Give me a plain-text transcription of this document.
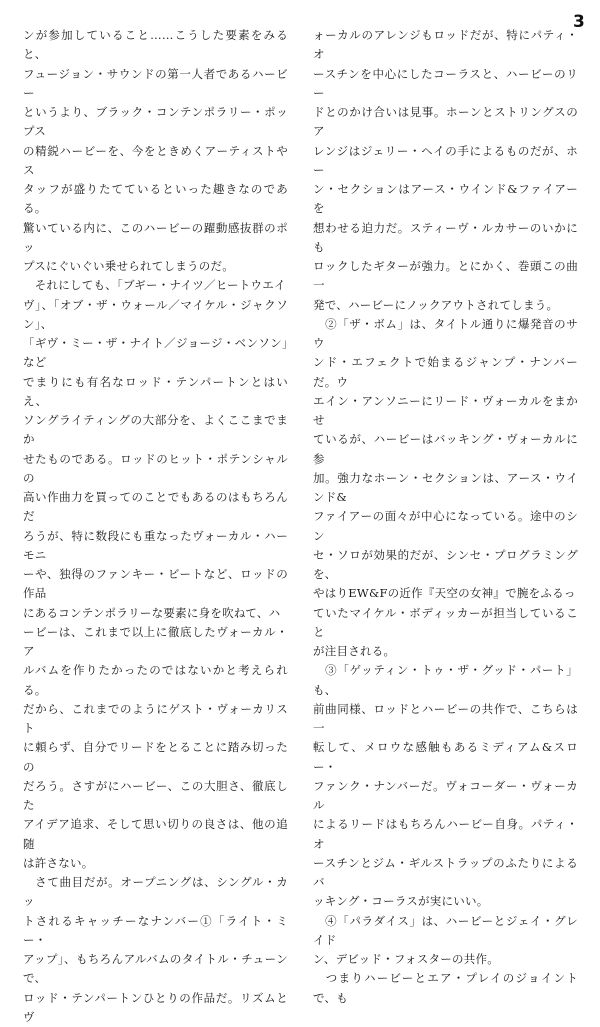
3

ンが参加していること……こうした要素をみると、

フュージョン・サウンドの第一人者であるハービー

というより、ブラック・コンテンポラリー・ポップス

の精鋭ハービーを、今をときめくアーティストやス

タッフが盛りたてているといった趣きなのである。

驚いている内に、このハービーの躍動感抜群のポッ

プスにぐいぐい乗せられてしまうのだ。

　それにしても、「ブギー・ナイツ／ヒートウエイ

ヴ」、「オブ・ザ・ウォール／マイケル・ジャクソン」、

「ギヴ・ミー・ザ・ナイト／ジョージ・ベンソン」など

でまりにも有名なロッド・テンパートンとはいえ、

ソングライティングの大部分を、よくここまでまか

せたものである。ロッドのヒット・ポテンシャルの

高い作曲力を買ってのことでもあるのはもちろんだ

ろうが、特に数段にも重なったヴォーカル・ハーモニ

ーや、独得のファンキー・ビートなど、ロッドの作品

にあるコンテンポラリーな要素に身を吹ねて、ハ

ービーは、これまで以上に徹底したヴォーカル・ア

ルバムを作りたかったのではないかと考えられる。

だから、これまでのようにゲスト・ヴォーカリスト

に頼らず、自分でリードをとることに踏み切ったの

だろう。さすがにハービー、この大胆さ、徹底した

アイデア追求、そして思い切りの良さは、他の追随

は許さない。

　さて曲目だが。オープニングは、シングル・カッ

トされるキャッチーなナンバー①「ライト・ミー・

アップ」、もちろんアルバムのタイトル・チューンで、

ロッド・テンパートンひとりの作品だ。リズムとヴ

ォーカルのアレンジもロッドだが、特にパティ・オ

ースチンを中心にしたコーラスと、ハービーのリー

ドとのかけ合いは見事。ホーンとストリングスのア

レンジはジェリー・ヘイの手によるものだが、ホー

ン・セクションはアース・ウインド&ファイアーを

想わせる迫力だ。スティーヴ・ルカサーのいかにも

ロックしたギターが強力。とにかく、巻頭この曲一

発で、ハービーにノックアウトされてしまう。

　②「ザ・ボム」は、タイトル通りに爆発音のサウ

ンド・エフェクトで始まるジャンプ・ナンバーだ。ウ

エイン・アンソニーにリード・ヴォーカルをまかせ

ているが、ハービーはバッキング・ヴォーカルに参

加。強力なホーン・セクションは、アース・ウインド&

ファイアーの面々が中心になっている。途中のシン

セ・ソロが効果的だが、シンセ・プログラミングを、

やはりEW&Fの近作『天空の女神』で腕をふるっ

ていたマイケル・ボディッカーが担当していること

が注目される。

　③「ゲッティン・トゥ・ザ・グッド・パート」も、

前曲同様、ロッドとハービーの共作で、こちらは一

転して、メロウな感触もあるミディアム&スロー・

ファンク・ナンバーだ。ヴォコーダー・ヴォーカル

によるリードはもちろんハービー自身。パティ・オ

ースチンとジム・ギルストラップのふたりによるバ

ッキング・コーラスが実にいい。

　④「パラダイス」は、ハービーとジェイ・グレイド

ン、デビッド・フォスターの共作。

　つまりハービーとエア・プレイのジョイントで、も
